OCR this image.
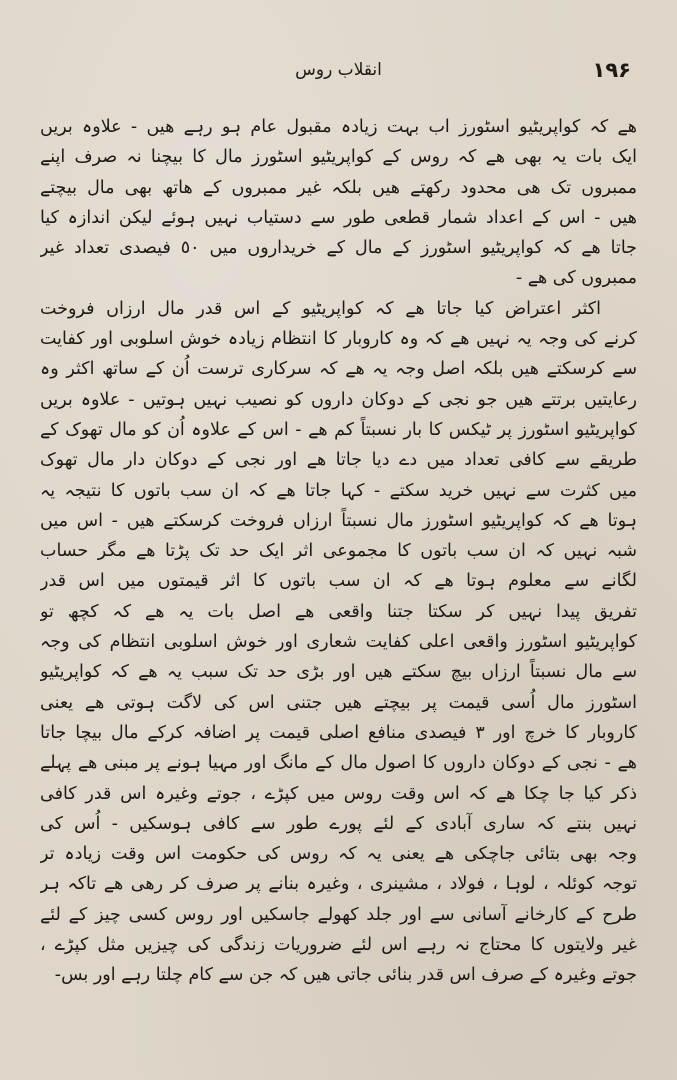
۱۹۶
انقلاب روس
ھے کہ کواپریٹیو اسٹورز اب بہت زیادہ مقبول عام ہو رہے ھیں - علاوہ بریں
ایک بات یہ بھی ھے کہ روس کے کواپریٹیو اسٹورز مال کا بیچنا نہ صرف اپنے
ممبروں تک ھی محدود رکھتے ھیں بلکہ غیر ممبروں کے ھاتھ بھی مال بیچتے
ھیں - اس کے اعداد شمار قطعی طور سے دستیاب نہیں ہوئے لیکن اندازہ کیا
جاتا ھے کہ کواپریٹیو اسٹورز کے مال کے خریداروں میں ٥٠ فیصدی تعداد غیر
ممبروں کی ھے -
اکثر اعتراض کیا جاتا ھے کہ کواپریٹیو کے اس قدر مال ارزاں فروخت
کرنے کی وجہ یہ نہیں ھے کہ وہ کاروبار کا انتظام زیادہ خوش اسلوبی اور کفایت
سے کرسکتے ھیں بلکہ اصل وجہ یہ ھے کہ سرکاری ترست اُن کے ساتھ اکثر وہ
رعایتیں برتتے ھیں جو نجی کے دوکان داروں کو نصیب نہیں ہوتیں - علاوہ بریں
کواپریٹیو اسٹورز پر ٹیکس کا بار نسبتاً کم ھے - اس کے علاوہ اُن کو مال تھوک کے
طریقے سے کافی تعداد میں دے دیا جاتا ھے اور نجی کے دوکان دار مال تھوک
میں کثرت سے نہیں خرید سکتے - کہا جاتا ھے کہ ان سب باتوں کا نتیجہ یہ
ہوتا ھے کہ کواپریٹیو اسٹورز مال نسبتاً ارزاں فروخت کرسکتے ھیں - اس میں
شبہ نہیں کہ ان سب باتوں کا مجموعی اثر ایک حد تک پڑتا ھے مگر حساب
لگانے سے معلوم ہوتا ھے کہ ان سب باتوں کا اثر قیمتوں میں اس قدر
تفریق پیدا نہیں کر سکتا جتنا واقعی ھے اصل بات یہ ھے کہ کچھ تو
کواپریٹیو اسٹورز واقعی اعلی کفایت شعاری اور خوش اسلوبی انتظام کی وجہ
سے مال نسبتاً ارزاں بیچ سکتے ھیں اور بڑی حد تک سبب یہ ھے کہ کواپریٹیو
اسٹورز مال اُسی قیمت پر بیچتے ھیں جتنی اس کی لاگت ہوتی ھے یعنی
کاروبار کا خرچ اور ۳ فیصدی منافع اصلی قیمت پر اضافہ کرکے مال بیچا جاتا
ھے - نجی کے دوکان داروں کا اصول مال کے مانگ اور مہیا ہونے پر مبنی ھے پہلے
ذکر کیا جا چکا ھے کہ اس وقت روس میں کپڑے ، جوتے وغیرہ اس قدر کافی
نہیں بنتے کہ ساری آبادی کے لئے پورے طور سے کافی ہوسکیں - اُس کی
وجہ بھی بتائی جاچکی ھے یعنی یہ کہ روس کی حکومت اس وقت زیادہ تر
توجہ کوئلہ ، لوہا ، فولاد ، مشینری ، وغیرہ بنانے پر صرف کر رھی ھے تاکہ ہر
طرح کے کارخانے آسانی سے اور جلد کھولے جاسکیں اور روس کسی چیز کے لئے
غیر ولایتوں کا محتاج نہ رہے اس لئے ضروریات زندگی کی چیزیں مثل کپڑے ،
جوتے وغیرہ کے صرف اس قدر بنائی جاتی ھیں کہ جن سے کام چلتا رہے اور بس-
